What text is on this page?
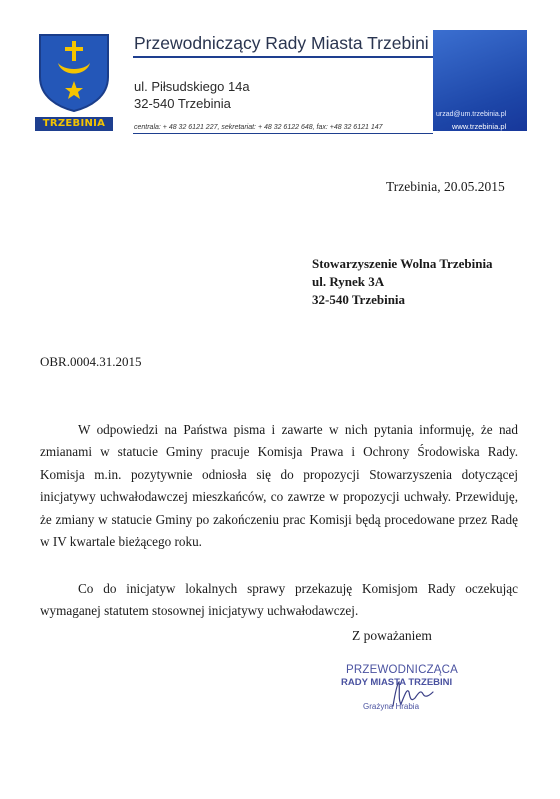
TRZEBINIA
Przewodniczący Rady Miasta Trzebini
urzad@um.trzebinia.pl
www.trzebinia.pl
ul. Piłsudskiego 14a
32-540 Trzebinia
centrala: + 48 32 6121 227, sekretariat: + 48 32 6122 648, fax: +48 32 6121 147
Trzebinia, 20.05.2015
Stowarzyszenie Wolna Trzebinia
ul. Rynek 3A
32-540 Trzebinia
OBR.0004.31.2015

W odpowiedzi na Państwa pisma i zawarte w nich pytania informuję, że nad zmianami w statucie Gminy pracuje Komisja Prawa i Ochrony Środowiska Rady. Komisja m.in. pozytywnie odniosła się do propozycji Stowarzyszenia dotyczącej inicjatywy uchwałodawczej mieszkańców, co zawrze w propozycji uchwały. Przewiduję, że zmiany w statucie Gminy po zakończeniu prac Komisji będą procedowane przez Radę w IV kwartale bieżącego roku.

Co do inicjatyw lokalnych sprawy przekazuję Komisjom Rady oczekując wymaganej statutem stosownej inicjatywy uchwałodawczej.

Z poważaniem
PRZEWODNICZĄCA
RADY MIASTA TRZEBINI
Grażyna Hrabia
